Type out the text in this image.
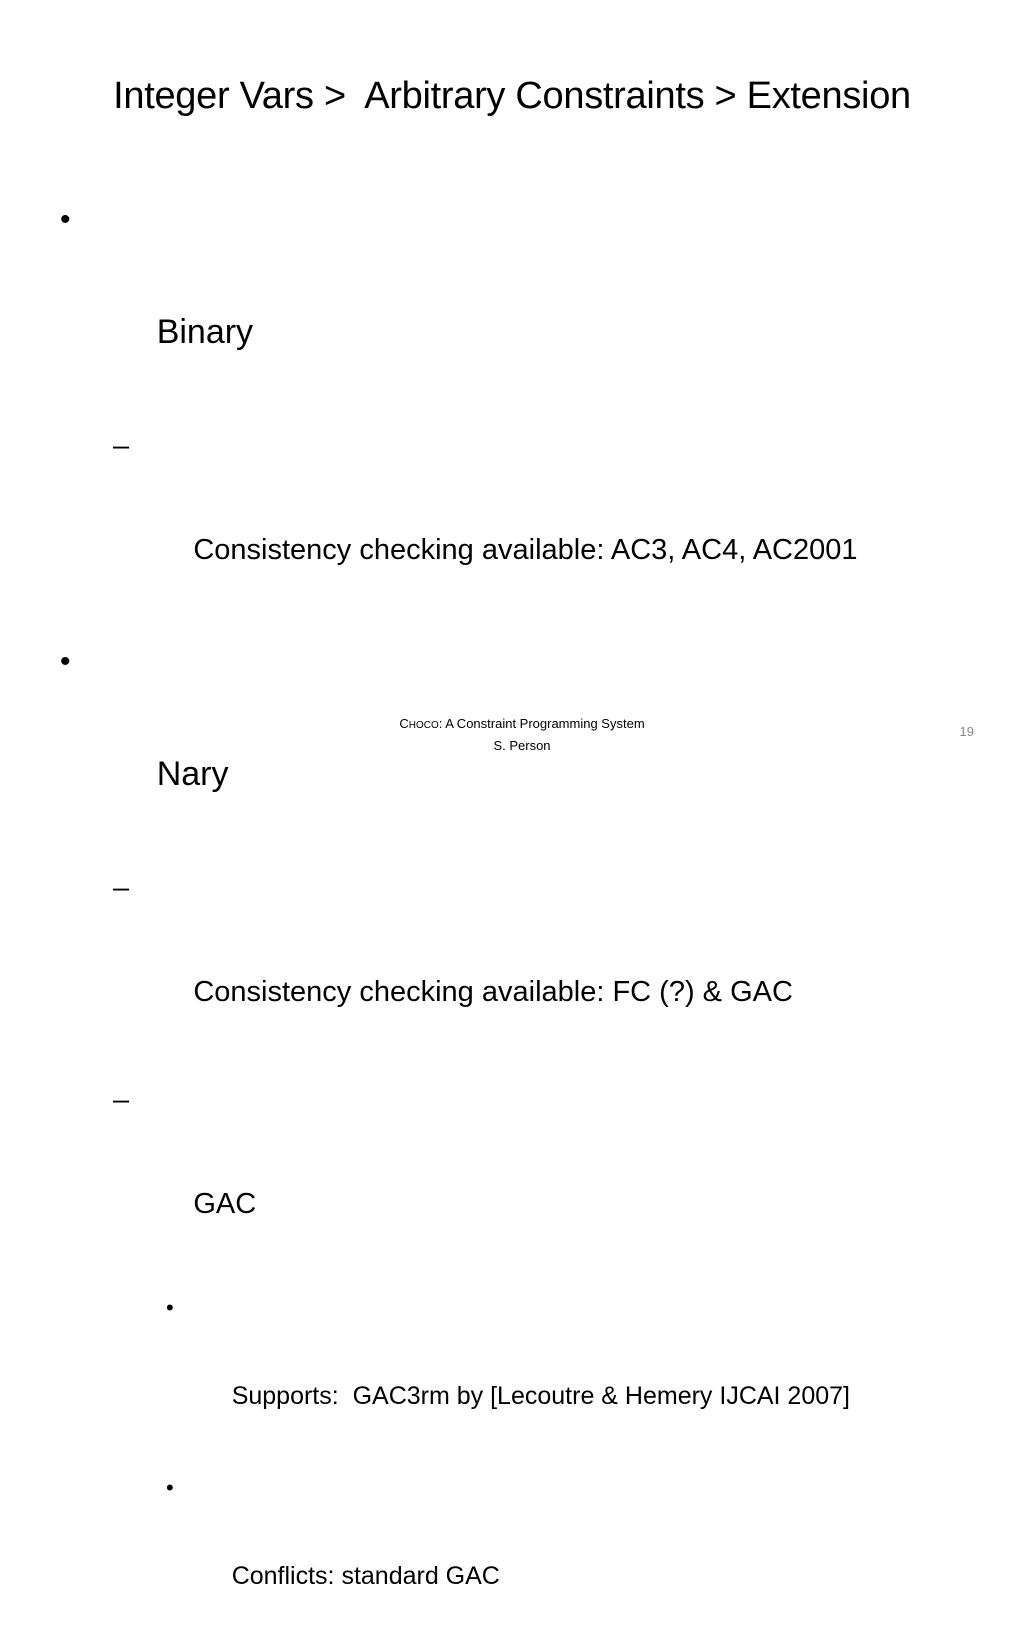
Integer Vars >  Arbitrary Constraints > Extension

•

Binary

–

Consistency checking available: AC3, AC4, AC2001

•

Nary

–

Consistency checking available: FC (?) & GAC

–

GAC

•

Supports:  GAC3rm by [Lecoutre & Hemery IJCAI 2007]

•

Conflicts: standard GAC

CHOCO: A Constraint Programming System
S. Person
19
